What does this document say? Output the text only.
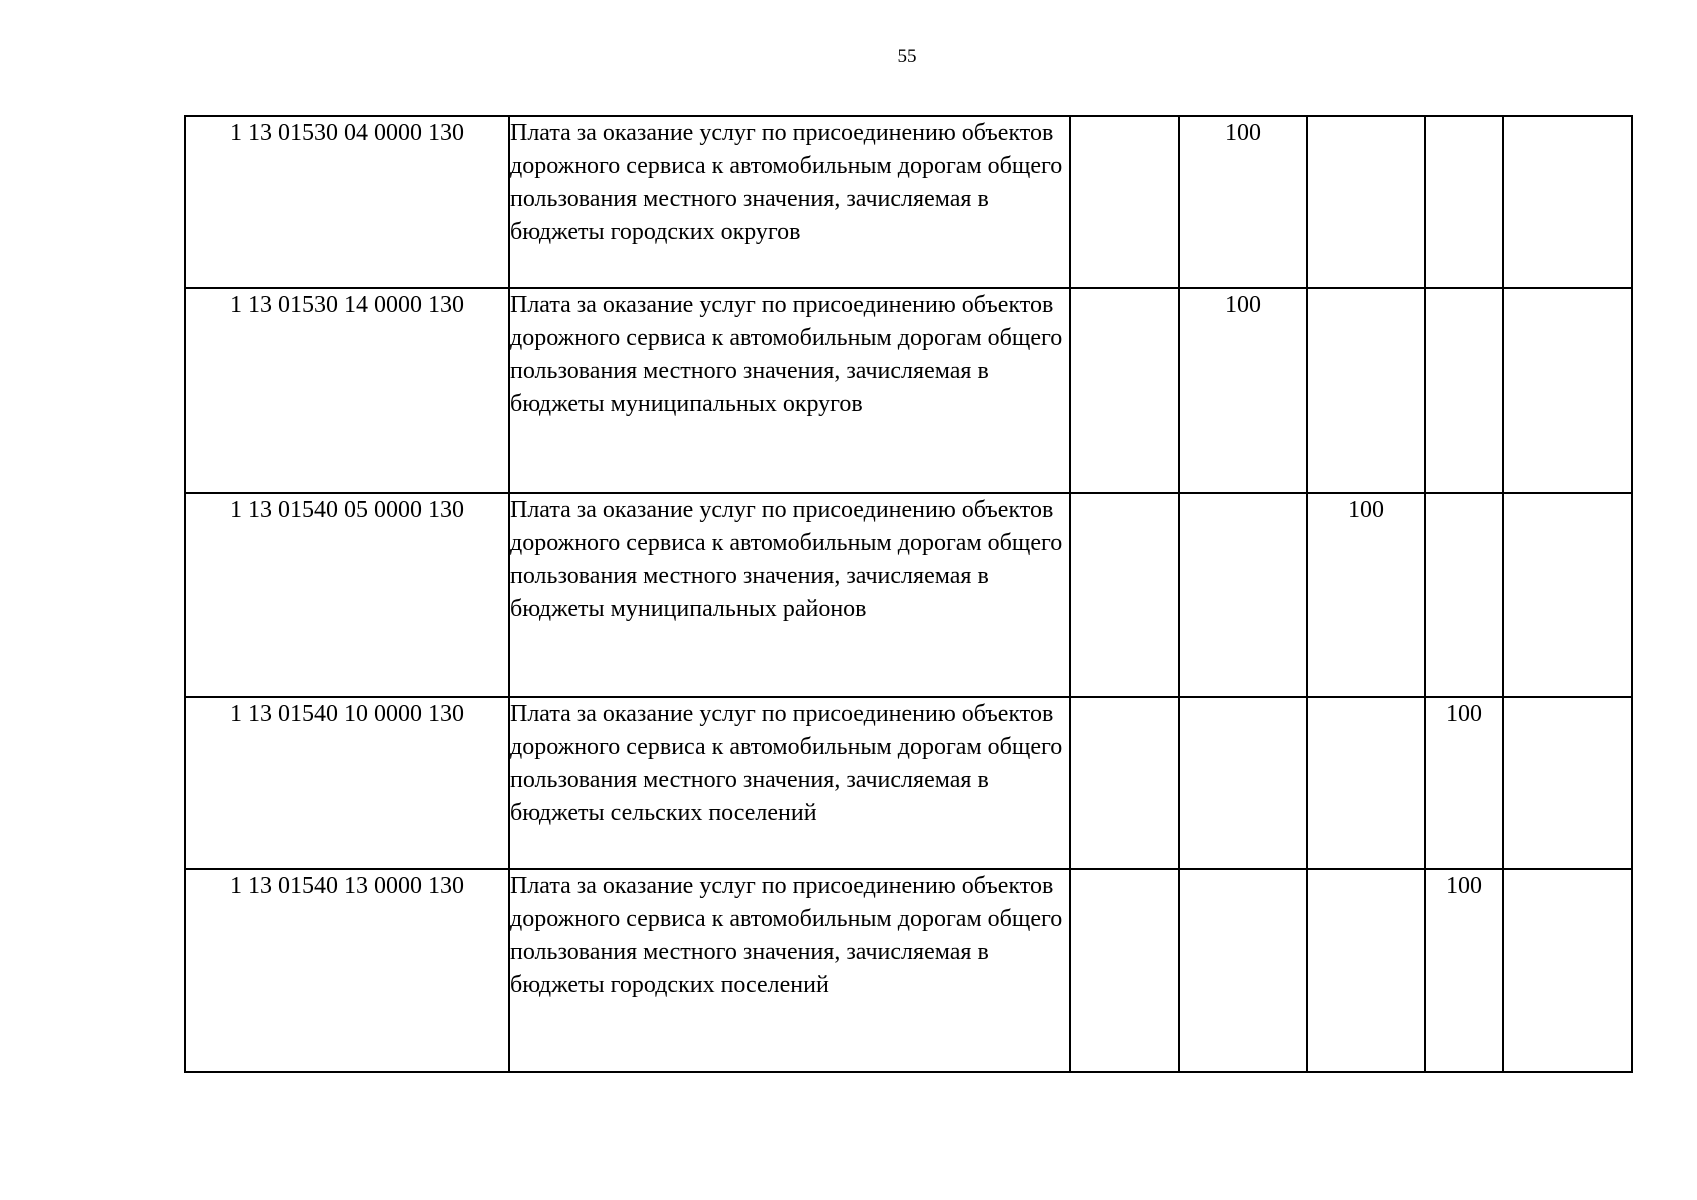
55
1 13 01530 04 0000 130	Плата за оказание услуг по присоединению объектов дорожного сервиса к автомобильным дорогам общего пользования местного значения, зачисляемая в бюджеты городских округов		100			
1 13 01530 14 0000 130	Плата за оказание услуг по присоединению объектов дорожного сервиса к автомобильным дорогам общего пользования местного значения, зачисляемая в бюджеты муниципальных округов		100			
1 13 01540 05 0000 130	Плата за оказание услуг по присоединению объектов дорожного сервиса к автомобильным дорогам общего пользования местного значения, зачисляемая в бюджеты муниципальных районов			100		
1 13 01540 10 0000 130	Плата за оказание услуг по присоединению объектов дорожного сервиса к автомобильным дорогам общего пользования местного значения, зачисляемая в бюджеты сельских поселений				100	
1 13 01540 13 0000 130	Плата за оказание услуг по присоединению объектов дорожного сервиса к автомобильным дорогам общего пользования местного значения, зачисляемая в бюджеты городских поселений				100	
